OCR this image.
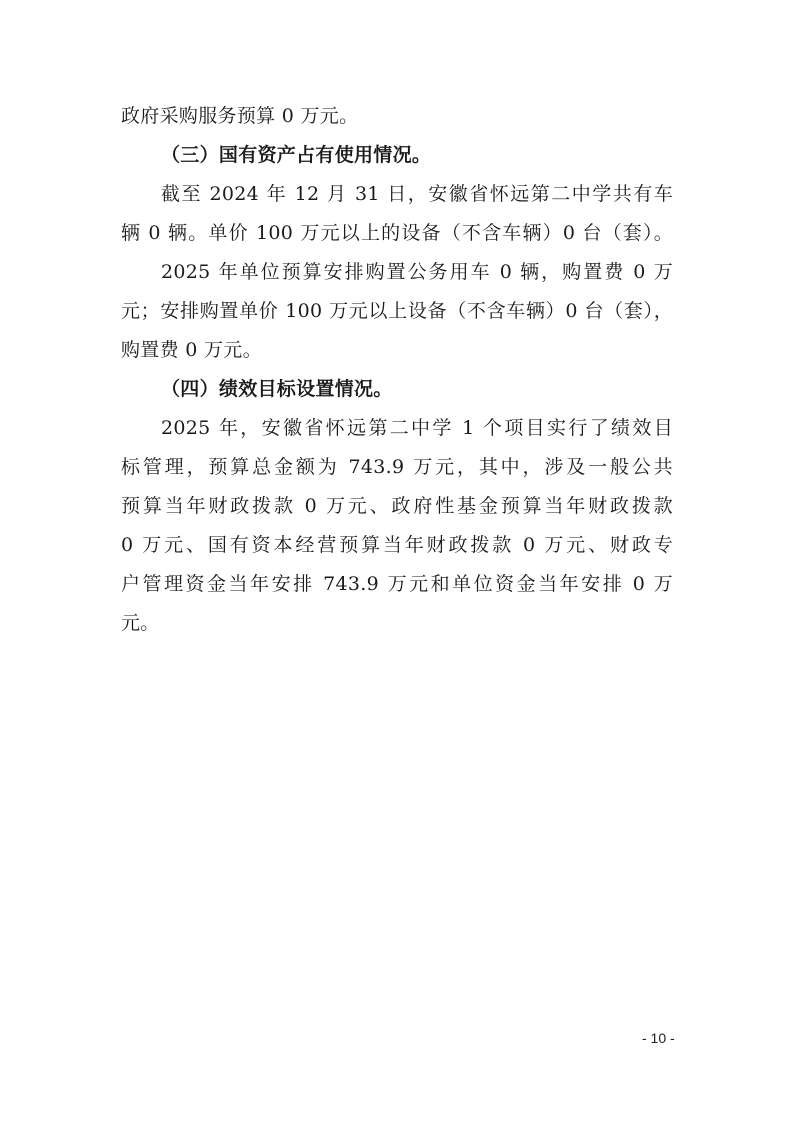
政府采购服务预算 0 万元。
（三）国有资产占有使用情况。
截至 2024 年 12 月 31 日，安徽省怀远第二中学共有车
辆 0 辆。单价 100 万元以上的设备（不含车辆）0 台（套）。
2025 年单位预算安排购置公务用车 0 辆，购置费 0 万
元；安排购置单价 100 万元以上设备（不含车辆）0 台（套），
购置费 0 万元。
（四）绩效目标设置情况。
2025 年，安徽省怀远第二中学 1 个项目实行了绩效目
标管理，预算总金额为 743.9 万元，其中，涉及一般公共
预算当年财政拨款 0 万元、政府性基金预算当年财政拨款
0 万元、国有资本经营预算当年财政拨款 0 万元、财政专
户管理资金当年安排 743.9 万元和单位资金当年安排 0 万
元。
- 10 -
